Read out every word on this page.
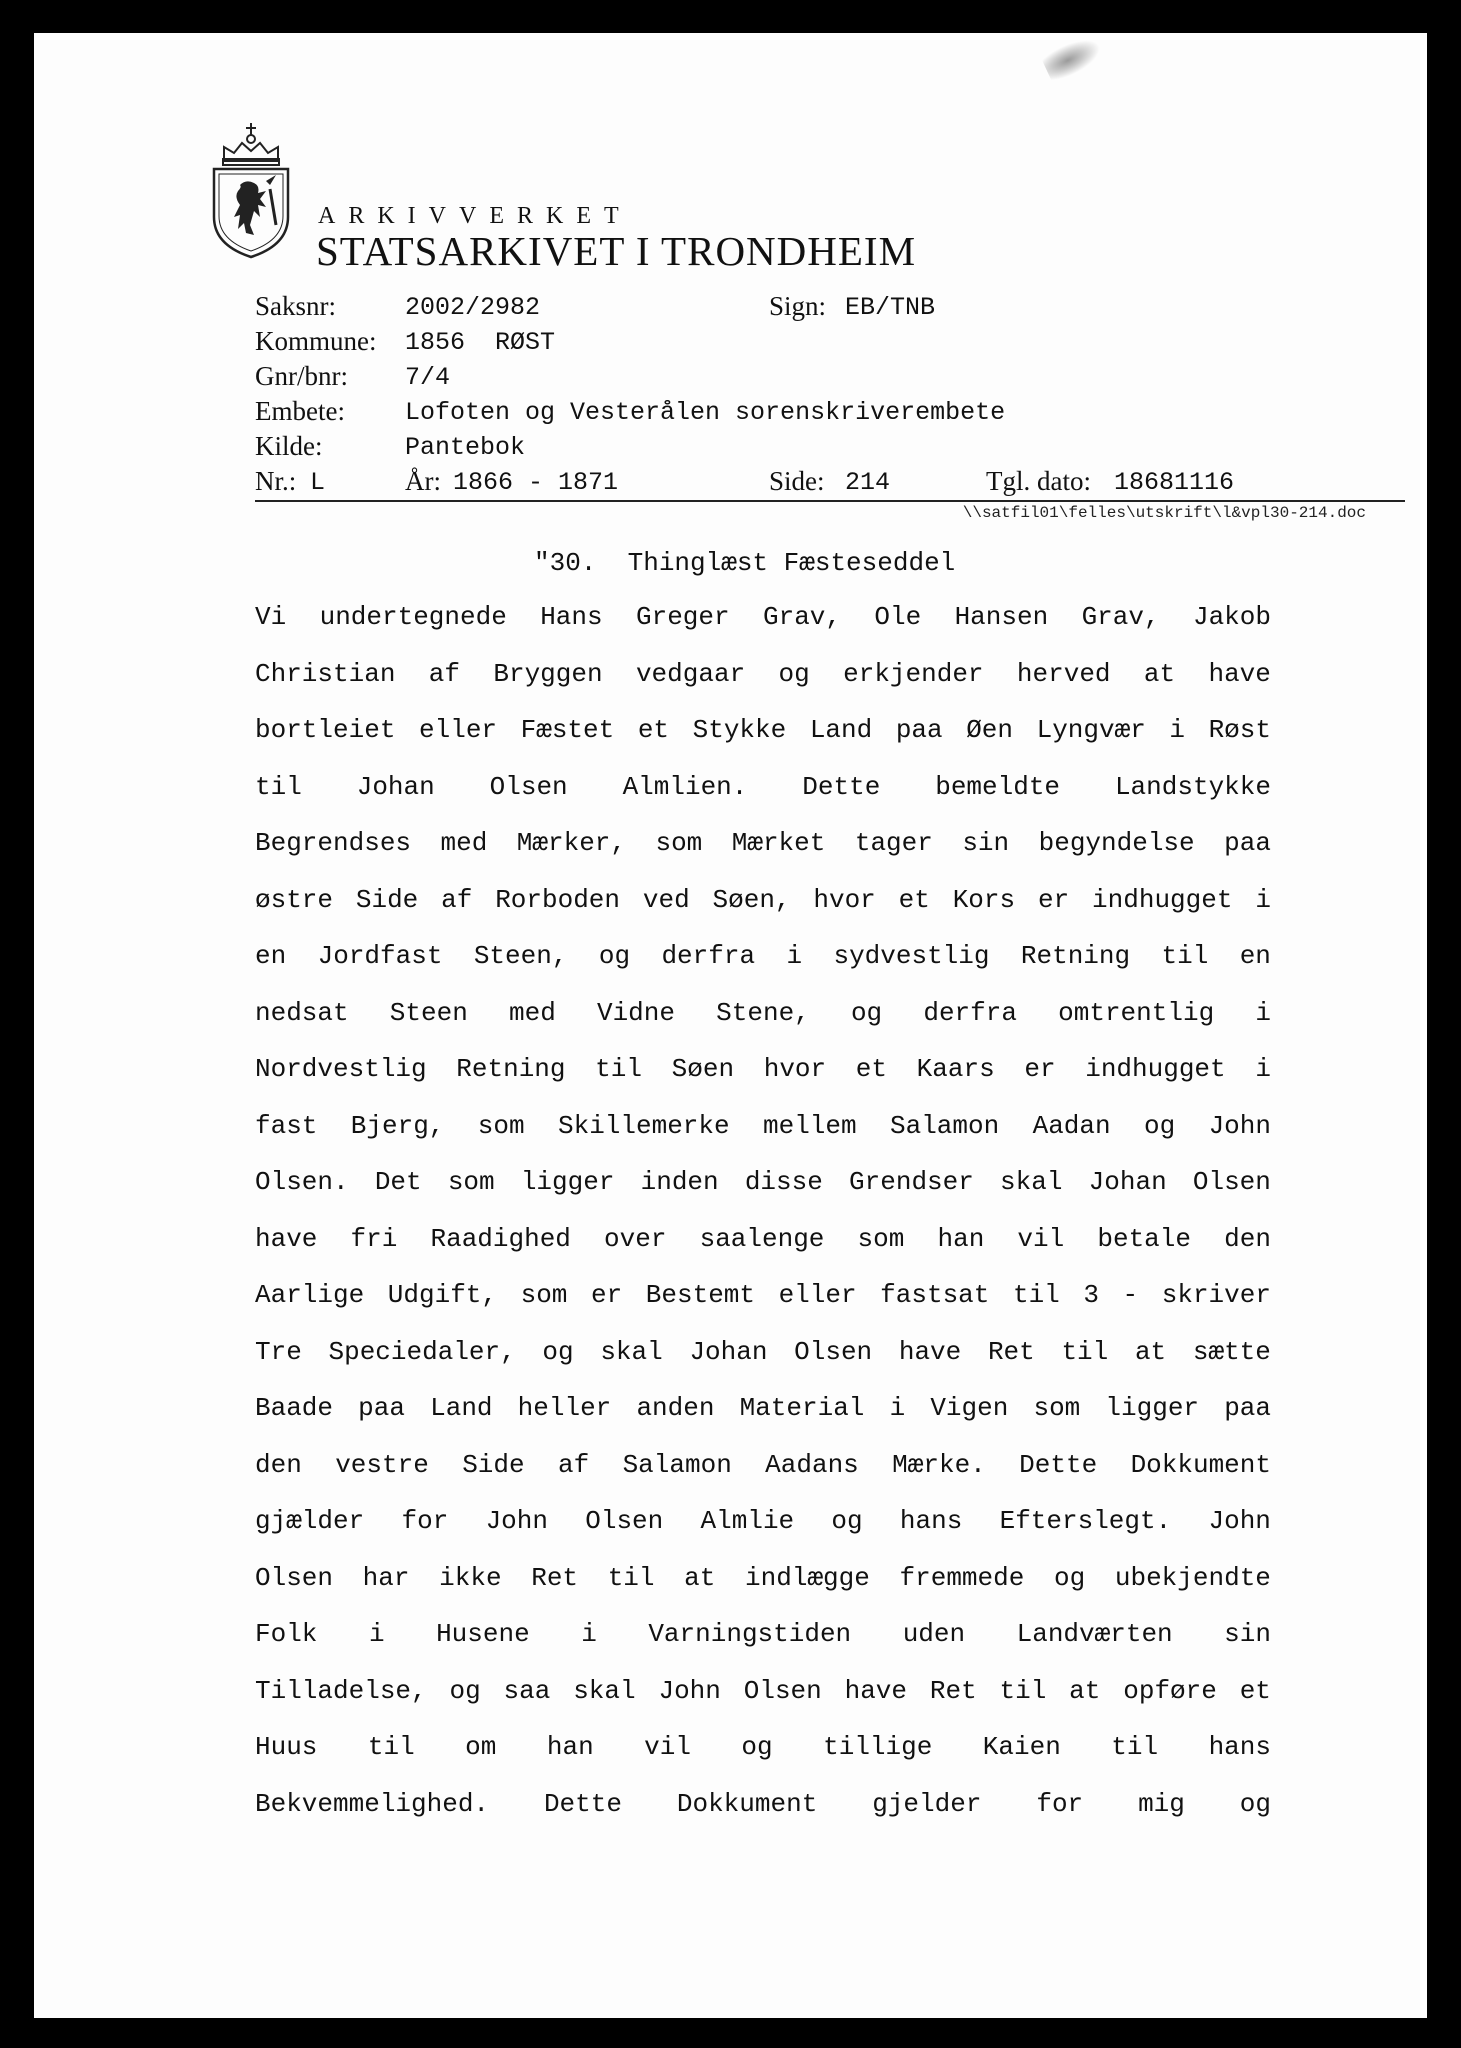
ARKIVVERKET
STATSARKIVET I TRONDHEIM
Saksnr:	2002/2982	Sign: EB/TNB
Kommune: 1856  RØST
Gnr/bnr: 7/4
Embete: Lofoten og Vesterålen sorenskriverembete
Kilde:	Pantebok
Nr.: L	År: 1866 - 1871	Side: 214	Tgl. dato: 18681116
\\satfil01\felles\utskrift\l&vpl30-214.doc
"30.  Thinglæst Fæsteseddel
Vi undertegnede Hans Greger Grav, Ole Hansen Grav, Jakob
Christian af Bryggen vedgaar og erkjender herved at have
bortleiet eller Fæstet et Stykke Land paa Øen Lyngvær i Røst
til Johan Olsen Almlien. Dette bemeldte Landstykke
Begrendses med Mærker, som Mærket tager sin begyndelse paa
østre Side af Rorboden ved Søen, hvor et Kors er indhugget i
en Jordfast Steen, og derfra i sydvestlig Retning til en
nedsat Steen med Vidne Stene, og derfra omtrentlig i
Nordvestlig Retning til Søen hvor et Kaars er indhugget i
fast Bjerg, som Skillemerke mellem Salamon Aadan og John
Olsen. Det som ligger inden disse Grendser skal Johan Olsen
have fri Raadighed over saalenge som han vil betale den
Aarlige Udgift, som er Bestemt eller fastsat til 3 - skriver
Tre Speciedaler, og skal Johan Olsen have Ret til at sætte
Baade paa Land heller anden Material i Vigen som ligger paa
den vestre Side af Salamon Aadans Mærke. Dette Dokkument
gjælder for John Olsen Almlie og hans Efterslegt. John
Olsen har ikke Ret til at indlægge fremmede og ubekjendte
Folk i Husene i Varningstiden uden Landværten sin
Tilladelse, og saa skal John Olsen have Ret til at opføre et
Huus til om han vil og tillige Kaien til hans
Bekvemmelighed. Dette Dokkument gjelder for mig og
